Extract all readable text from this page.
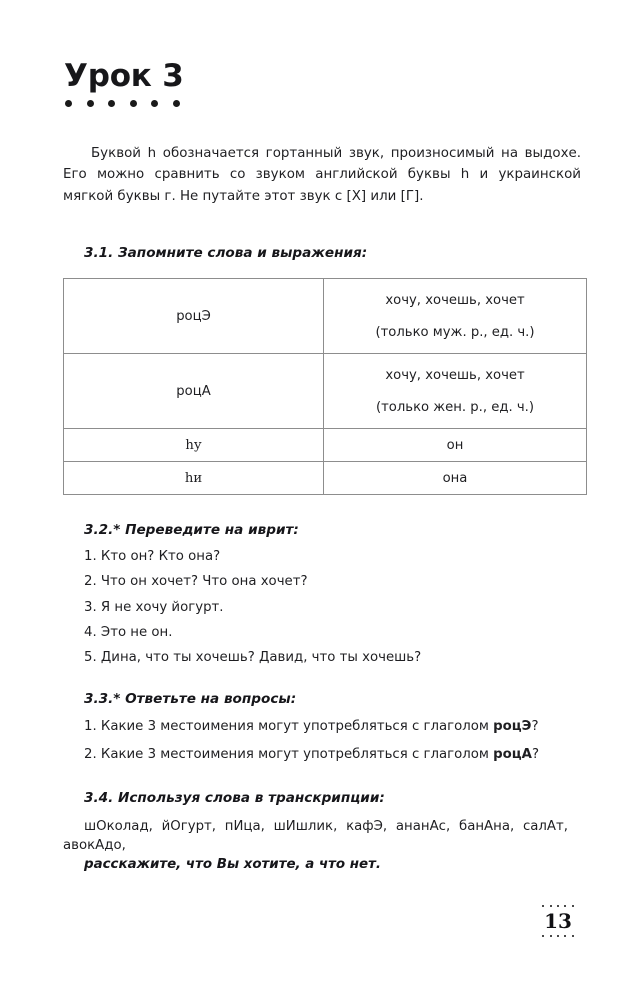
Урок 3

Буквой h обозначается гортанный звук, произносимый на выдохе. Его можно сравнить со звуком английской буквы h и украинской мягкой буквы г. Не путайте этот звук с [Х] или [Г].

3.1. Запомните слова и выражения:
роцЭ	хочу, хочешь, хочет
(только муж. р., ед. ч.)

роцА	хочу, хочешь, хочет
(только жен. р., ед. ч.)

hу	он
hи	она
3.2.* Переведите на иврит:
1. Кто он? Кто она?
2. Что он хочет? Что она хочет?
3. Я не хочу йогурт.
4. Это не он.
5. Дина, что ты хочешь? Давид, что ты хочешь?
3.3.* Ответьте на вопросы:
1. Какие 3 местоимения могут употребляться с глаголом роцЭ?
2. Какие 3 местоимения могут употребляться с глаголом роцА?
3.4. Используя слова в транскрипции:
шОколад, йОгурт, пИца, шИшлик, кафЭ, ананАс, банАна, салАт, авокАдо,
расскажите, что Вы хотите, а что нет.
13
